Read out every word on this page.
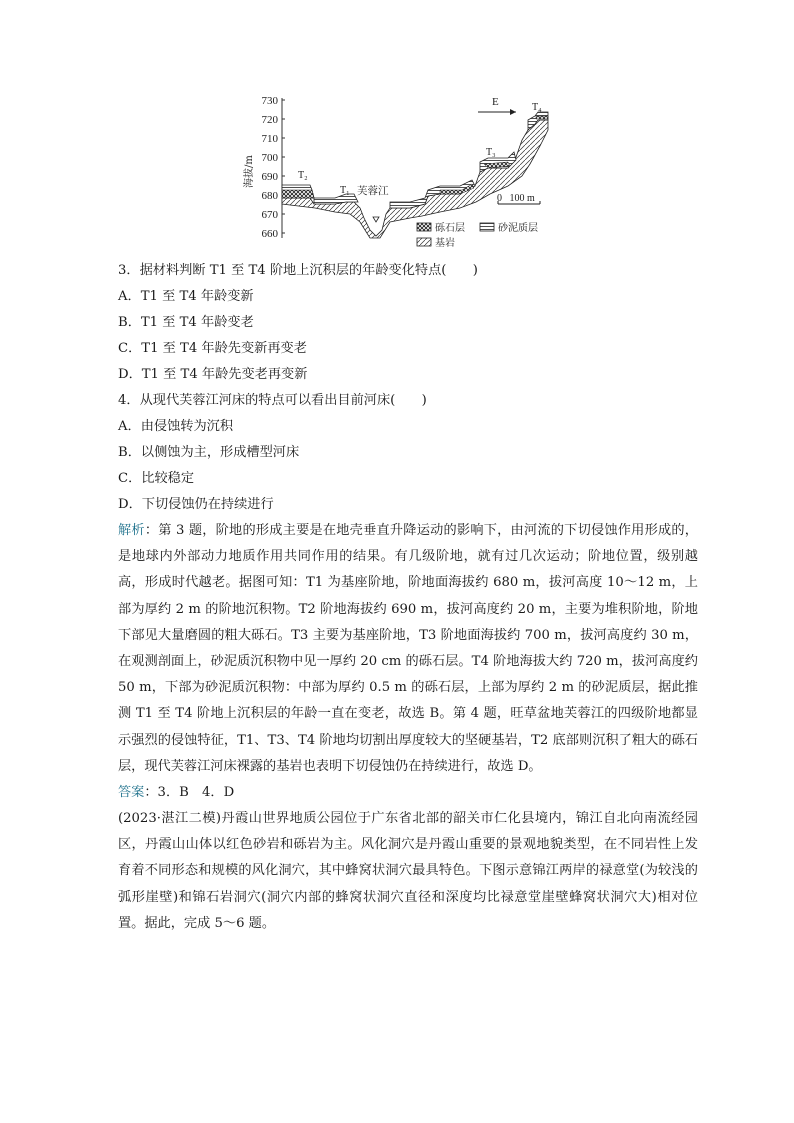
730
720
710
700
690
680
670
660
海拔/m	T₂
T₁
T₃
T₄
芙蓉江
E
0   100 m
砾石层	砂泥质层
基岩
3．据材料判断 T1 至 T4 阶地上沉积层的年龄变化特点(　　)
A．T1 至 T4 年龄变新
B．T1 至 T4 年龄变老
C．T1 至 T4 年龄先变新再变老
D．T1 至 T4 年龄先变老再变新
4．从现代芙蓉江河床的特点可以看出目前河床(　　)
A．由侵蚀转为沉积
B．以侧蚀为主，形成槽型河床
C．比较稳定
D．下切侵蚀仍在持续进行
解析：第 3 题，阶地的形成主要是在地壳垂直升降运动的影响下，由河流的下切侵蚀作用形成的，是地球内外部动力地质作用共同作用的结果。有几级阶地，就有过几次运动；阶地位置，级别越高，形成时代越老。据图可知：T1 为基座阶地，阶地面海拔约 680 m，拔河高度 10～12 m，上部为厚约 2 m 的阶地沉积物。T2 阶地海拔约 690 m，拔河高度约 20 m，主要为堆积阶地，阶地下部见大量磨圆的粗大砾石。T3 主要为基座阶地，T3 阶地面海拔约 700 m，拔河高度约 30 m，在观测剖面上，砂泥质沉积物中见一厚约 20 cm 的砾石层。T4 阶地海拔大约 720 m，拔河高度约 50 m，下部为砂泥质沉积物：中部为厚约 0.5 m 的砾石层，上部为厚约 2 m 的砂泥质层，据此推测 T1 至 T4 阶地上沉积层的年龄一直在变老，故选 B。第 4 题，旺草盆地芙蓉江的四级阶地都显示强烈的侵蚀特征，T1、T3、T4 阶地均切割出厚度较大的坚硬基岩，T2 底部则沉积了粗大的砾石层，现代芙蓉江河床裸露的基岩也表明下切侵蚀仍在持续进行，故选 D。
答案：3．B　4．D
(2023·湛江二模)丹霞山世界地质公园位于广东省北部的韶关市仁化县境内，锦江自北向南流经园区，丹霞山山体以红色砂岩和砾岩为主。风化洞穴是丹霞山重要的景观地貌类型，在不同岩性上发育着不同形态和规模的风化洞穴，其中蜂窝状洞穴最具特色。下图示意锦江两岸的禄意堂(为较浅的弧形崖壁)和锦石岩洞穴(洞穴内部的蜂窝状洞穴直径和深度均比禄意堂崖壁蜂窝状洞穴大)相对位置。据此，完成 5～6 题。
